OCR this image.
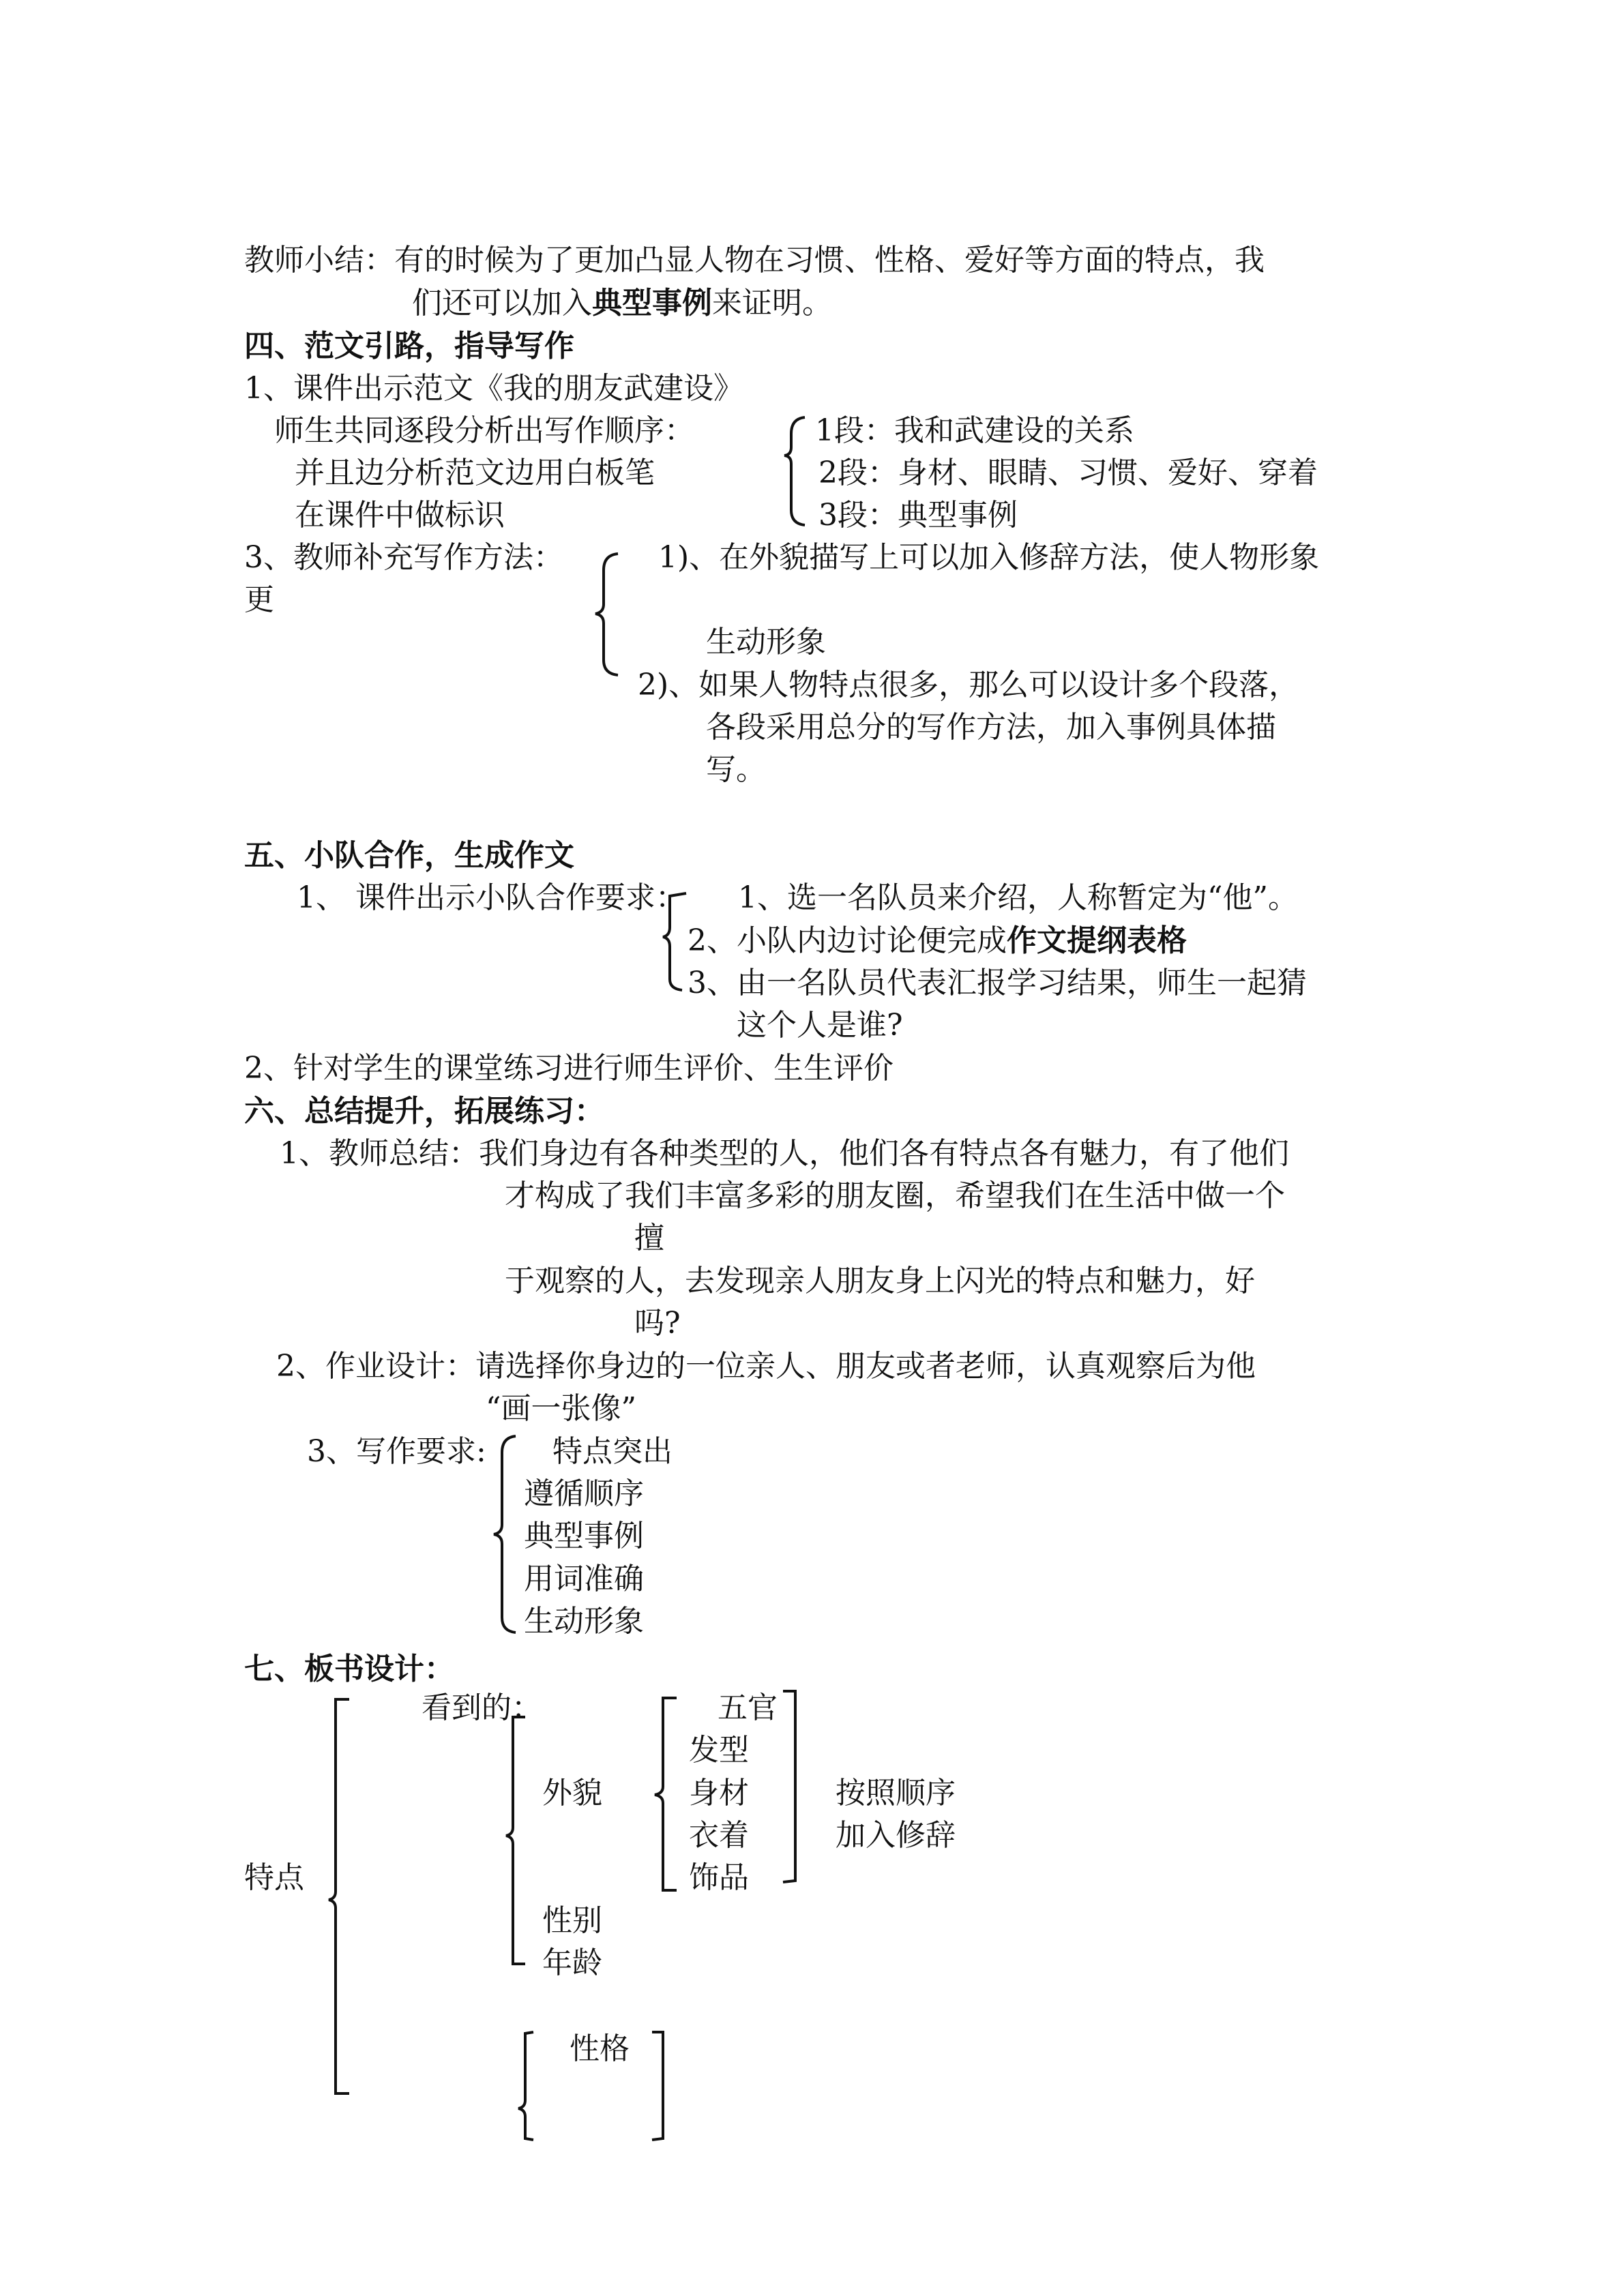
教师小结：有的时候为了更加凸显人物在习惯、性格、爱好等方面的特点，我
们还可以加入典型事例来证明。
四、范文引路，指导写作
1、课件出示范文《我的朋友武建设》
师生共同逐段分析出写作顺序：
并且边分析范文边用白板笔
在课件中做标识
1段：我和武建设的关系
2段：身材、眼睛、习惯、爱好、穿着
3段：典型事例
3、教师补充写作方法：	1)、在外貌描写上可以加入修辞方法，使人物形象
更
生动形象
2)、如果人物特点很多，那么可以设计多个段落，
各段采用总分的写作方法，加入事例具体描
写。
五、小队合作，生成作文
1、 课件出示小队合作要求： 1、选一名队员来介绍，人称暂定为“他”。
2、小队内边讨论便完成作文提纲表格
3、由一名队员代表汇报学习结果，师生一起猜
这个人是谁?
2、针对学生的课堂练习进行师生评价、生生评价
六、总结提升，拓展练习：
1、教师总结：我们身边有各种类型的人，他们各有特点各有魅力，有了他们
才构成了我们丰富多彩的朋友圈，希望我们在生活中做一个
擅
于观察的人，去发现亲人朋友身上闪光的特点和魅力，好
吗?
2、作业设计：请选择你身边的一位亲人、朋友或者老师，认真观察后为他
“画一张像”
3、写作要求: 特点突出
遵循顺序
典型事例
用词准确
生动形象
七、板书设计：
看到的：	五官
发型
外貌	身材	按照顺序
衣着	加入修辞
特点	饰品
性别
年龄
性格
